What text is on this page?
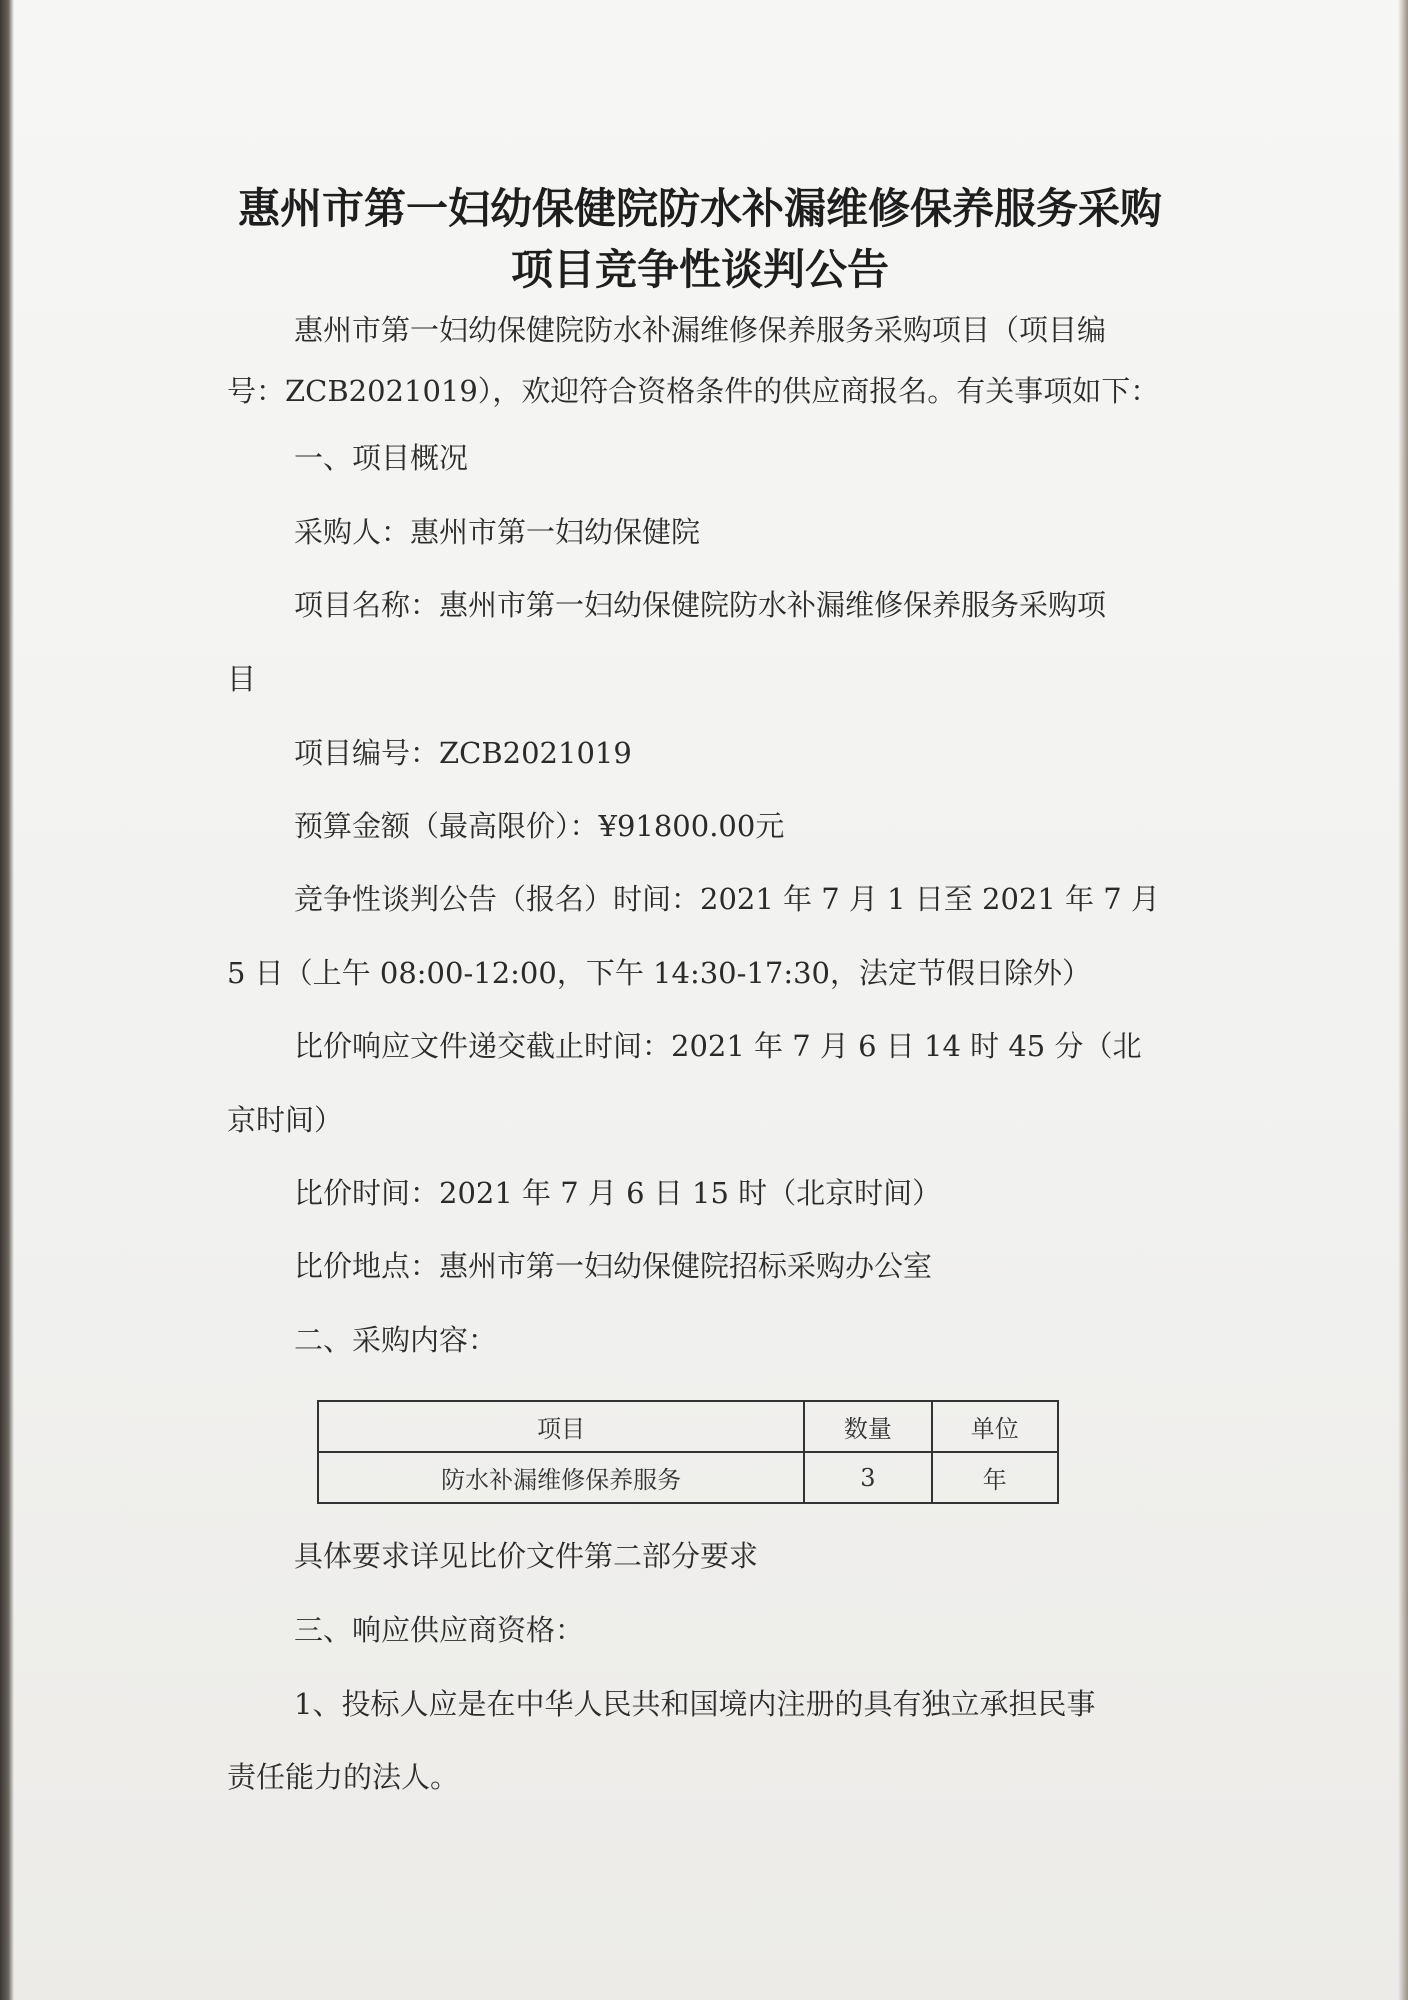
惠州市第一妇幼保健院防水补漏维修保养服务采购
项目竞争性谈判公告
惠州市第一妇幼保健院防水补漏维修保养服务采购项目（项目编
号：ZCB2021019），欢迎符合资格条件的供应商报名。有关事项如下：
一、项目概况
采购人：惠州市第一妇幼保健院
项目名称：惠州市第一妇幼保健院防水补漏维修保养服务采购项
目
项目编号：ZCB2021019
预算金额（最高限价）：¥91800.00元
竞争性谈判公告（报名）时间：2021 年 7 月 1 日至 2021 年 7 月
5 日（上午 08:00-12:00，下午 14:30-17:30，法定节假日除外）
比价响应文件递交截止时间：2021 年 7 月 6 日 14 时 45 分（北
京时间）
比价时间：2021 年 7 月 6 日 15 时（北京时间）
比价地点：惠州市第一妇幼保健院招标采购办公室
二、采购内容：
项目	数量	单位
防水补漏维修保养服务	3	年
具体要求详见比价文件第二部分要求
三、响应供应商资格：
1、投标人应是在中华人民共和国境内注册的具有独立承担民事
责任能力的法人。
